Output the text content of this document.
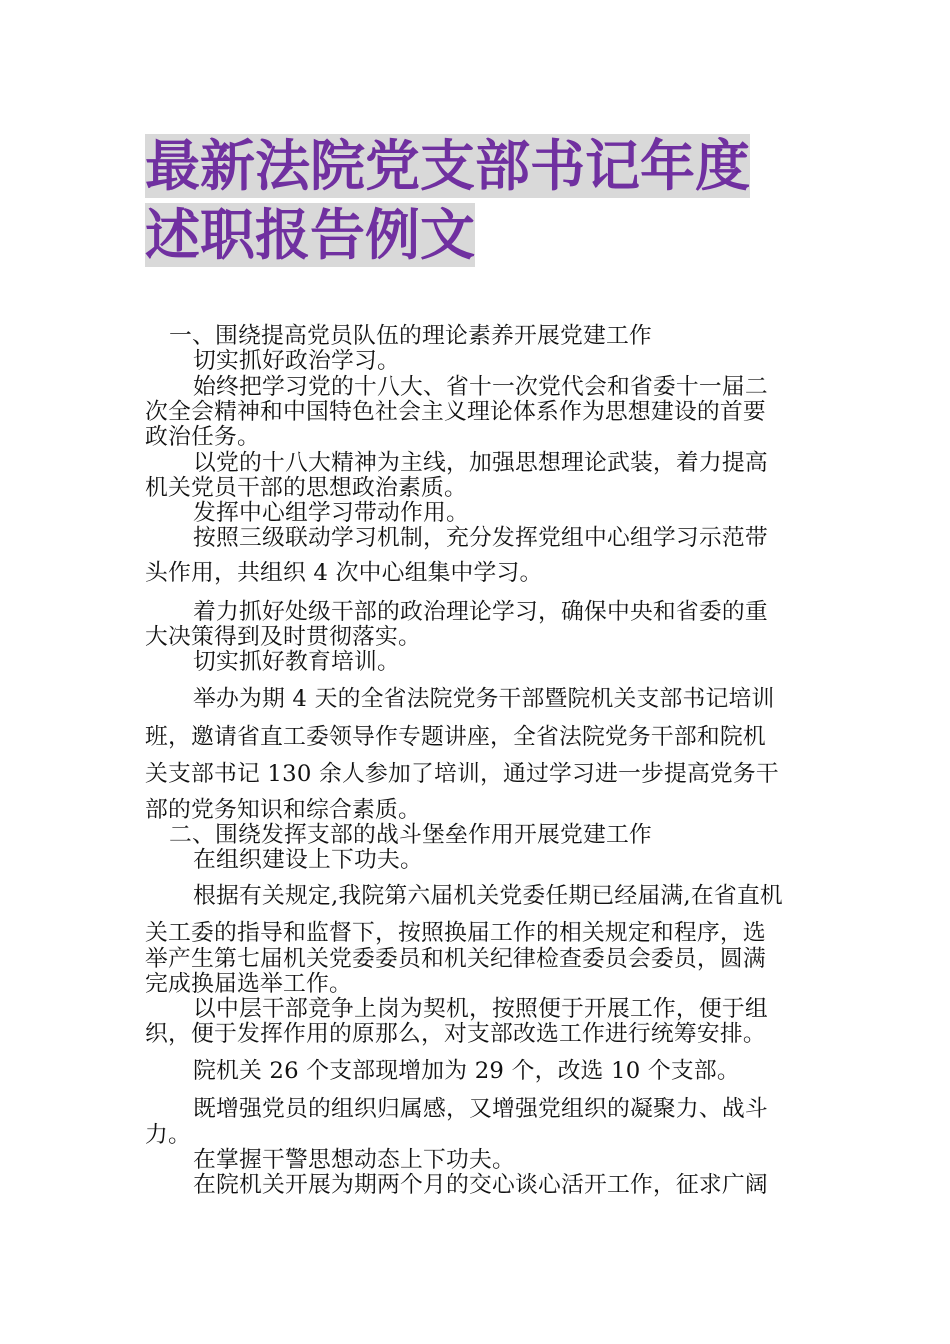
最新法院党支部书记年度
述职报告例文

一、围绕提高党员队伍的理论素养开展党建工作

切实抓好政治学习。

始终把学习党的十八大、省十一次党代会和省委十一届二

次全会精神和中国特色社会主义理论体系作为思想建设的首要

政治任务。

以党的十八大精神为主线，加强思想理论武装，着力提高

机关党员干部的思想政治素质。

发挥中心组学习带动作用。

按照三级联动学习机制，充分发挥党组中心组学习示范带

头作用，共组织 4 次中心组集中学习。

着力抓好处级干部的政治理论学习，确保中央和省委的重

大决策得到及时贯彻落实。

切实抓好教育培训。

举办为期 4 天的全省法院党务干部暨院机关支部书记培训

班，邀请省直工委领导作专题讲座，全省法院党务干部和院机

关支部书记 130 余人参加了培训，通过学习进一步提高党务干

部的党务知识和综合素质。

二、围绕发挥支部的战斗堡垒作用开展党建工作

在组织建设上下功夫。

根据有关规定,我院第六届机关党委任期已经届满,在省直机

关工委的指导和监督下，按照换届工作的相关规定和程序，选

举产生第七届机关党委委员和机关纪律检查委员会委员，圆满

完成换届选举工作。

以中层干部竞争上岗为契机，按照便于开展工作，便于组

织，便于发挥作用的原那么，对支部改选工作进行统筹安排。

院机关 26 个支部现增加为 29 个，改选 10 个支部。

既增强党员的组织归属感，又增强党组织的凝聚力、战斗

力。

在掌握干警思想动态上下功夫。

在院机关开展为期两个月的交心谈心活开工作，征求广阔
